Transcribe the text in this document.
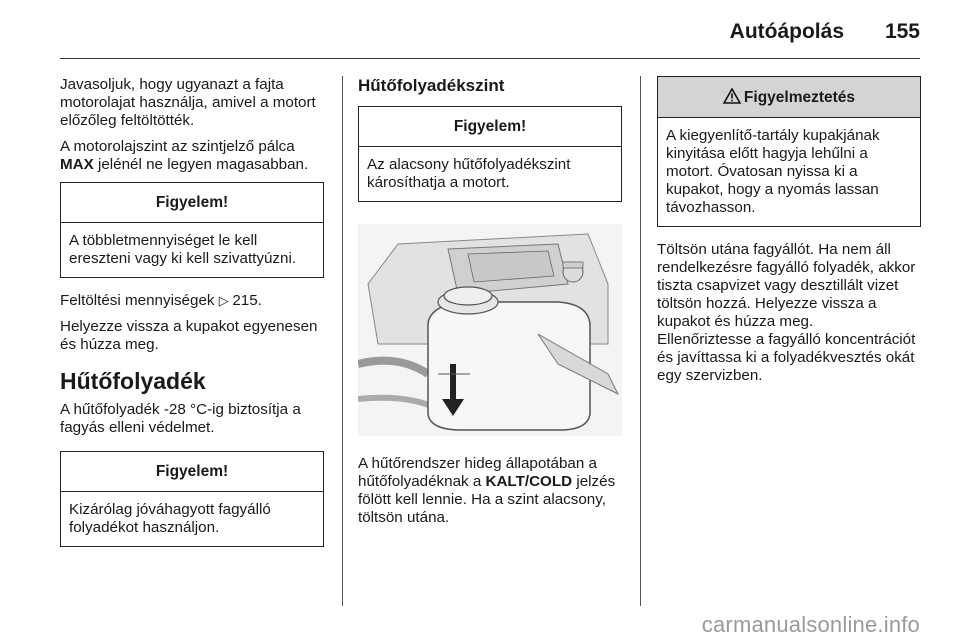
Autóápolás 155

Javasoljuk, hogy ugyanazt a fajta motorolajat használja, amivel a motort előzőleg feltöltötték.

A motorolajszint az szintjelző pálca MAX jelénél ne legyen magasabban.

Figyelem!
A többletmennyiséget le kell ereszteni vagy ki kell szivattyúzni.

Feltöltési mennyiségek ▷ 215.

Helyezze vissza a kupakot egyenesen és húzza meg.

Hűtőfolyadék

A hűtőfolyadék -28 °C-ig biztosítja a fagyás elleni védelmet.

Figyelem!
Kizárólag jóváhagyott fagyálló folyadékot használjon.
Hűtőfolyadékszint
Figyelem!
Az alacsony hűtőfolyadékszint károsíthatja a motort.

A hűtőrendszer hideg állapotában a hűtőfolyadéknak a KALT/COLD jelzés fölött kell lennie. Ha a szint alacsony, töltsön utána.

Figyelmeztetés
A kiegyenlítő-tartály kupakjának kinyitása előtt hagyja lehűlni a motort. Óvatosan nyissa ki a kupakot, hogy a nyomás lassan távozhasson.

Töltsön utána fagyállót. Ha nem áll rendelkezésre fagyálló folyadék, akkor tiszta csapvizet vagy desztillált vizet töltsön hozzá. Helyezze vissza a kupakot és húzza meg.

Ellenőriztesse a fagyálló koncentrációt és javíttassa ki a folyadékvesztés okát egy szervizben.

carmanualsonline.info
